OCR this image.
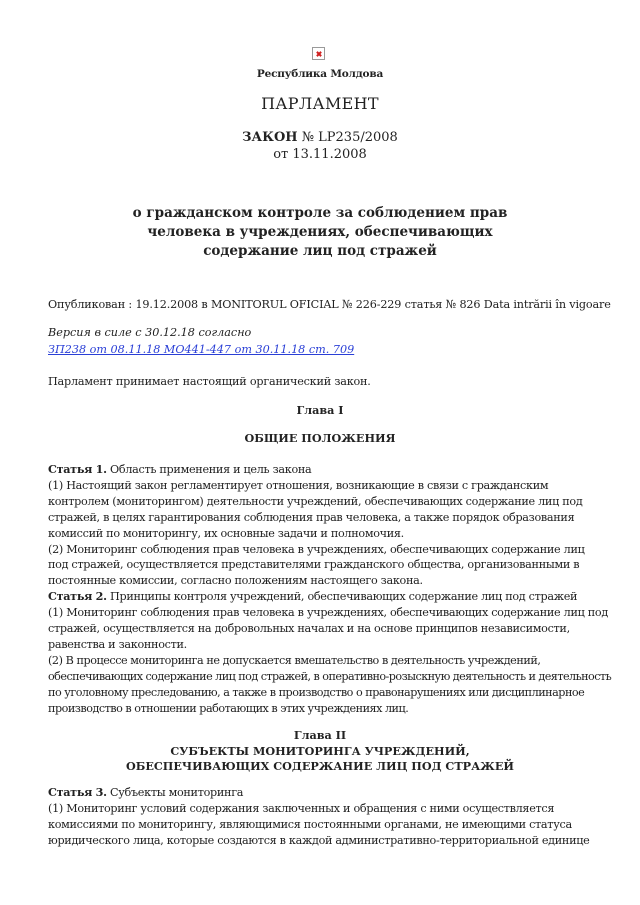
Республика Молдова
ПАРЛАМЕНТ
ЗАКОН № LP235/2008
от 13.11.2008
о гражданском контроле за соблюдением прав
человека в учреждениях, обеспечивающих
содержание лиц под стражей
Опубликован : 19.12.2008 в MONITORUL OFICIAL № 226-229 статья № 826 Data intrării în vigoare
Версия в силе с 30.12.18 согласно
ЗП238 от 08.11.18 МО441-447 от 30.11.18 ст. 709
Парламент принимает настоящий органический закон.
Глава I
ОБЩИЕ ПОЛОЖЕНИЯ

Статья 1. Область применения и цель закона

(1) Настоящий закон регламентирует отношения, возникающие в связи с гражданским

контролем (мониторингом) деятельности учреждений, обеспечивающих содержание лиц под

стражей, в целях гарантирования соблюдения прав человека, а также порядок образования

комиссий по мониторингу, их основные задачи и полномочия.

(2) Мониторинг соблюдения прав человека в учреждениях, обеспечивающих содержание лиц

под стражей, осуществляется представителями гражданского общества, организованными в

постоянные комиссии, согласно положениям настоящего закона.

Статья 2. Принципы контроля учреждений, обеспечивающих содержание лиц под стражей

(1) Мониторинг соблюдения прав человека в учреждениях, обеспечивающих содержание лиц под

стражей, осуществляется на добровольных началах и на основе принципов независимости,

равенства и законности.

(2) В процессе мониторинга не допускается вмешательство в деятельность учреждений,

обеспечивающих содержание лиц под стражей, в оперативно-розыскную деятельность и деятельность

по уголовному преследованию, а также в производство о правонарушениях или дисциплинарное

производство в отношении работающих в этих учреждениях лиц.

Глава II
СУБЪЕКТЫ МОНИТОРИНГА УЧРЕЖДЕНИЙ,
ОБЕСПЕЧИВАЮЩИХ СОДЕРЖАНИЕ ЛИЦ ПОД СТРАЖЕЙ

Статья 3. Субъекты мониторинга

(1) Мониторинг условий содержания заключенных и обращения с ними осуществляется

комиссиями по мониторингу, являющимися постоянными органами, не имеющими статуса

юридического лица, которые создаются в каждой административно-территориальной единице
